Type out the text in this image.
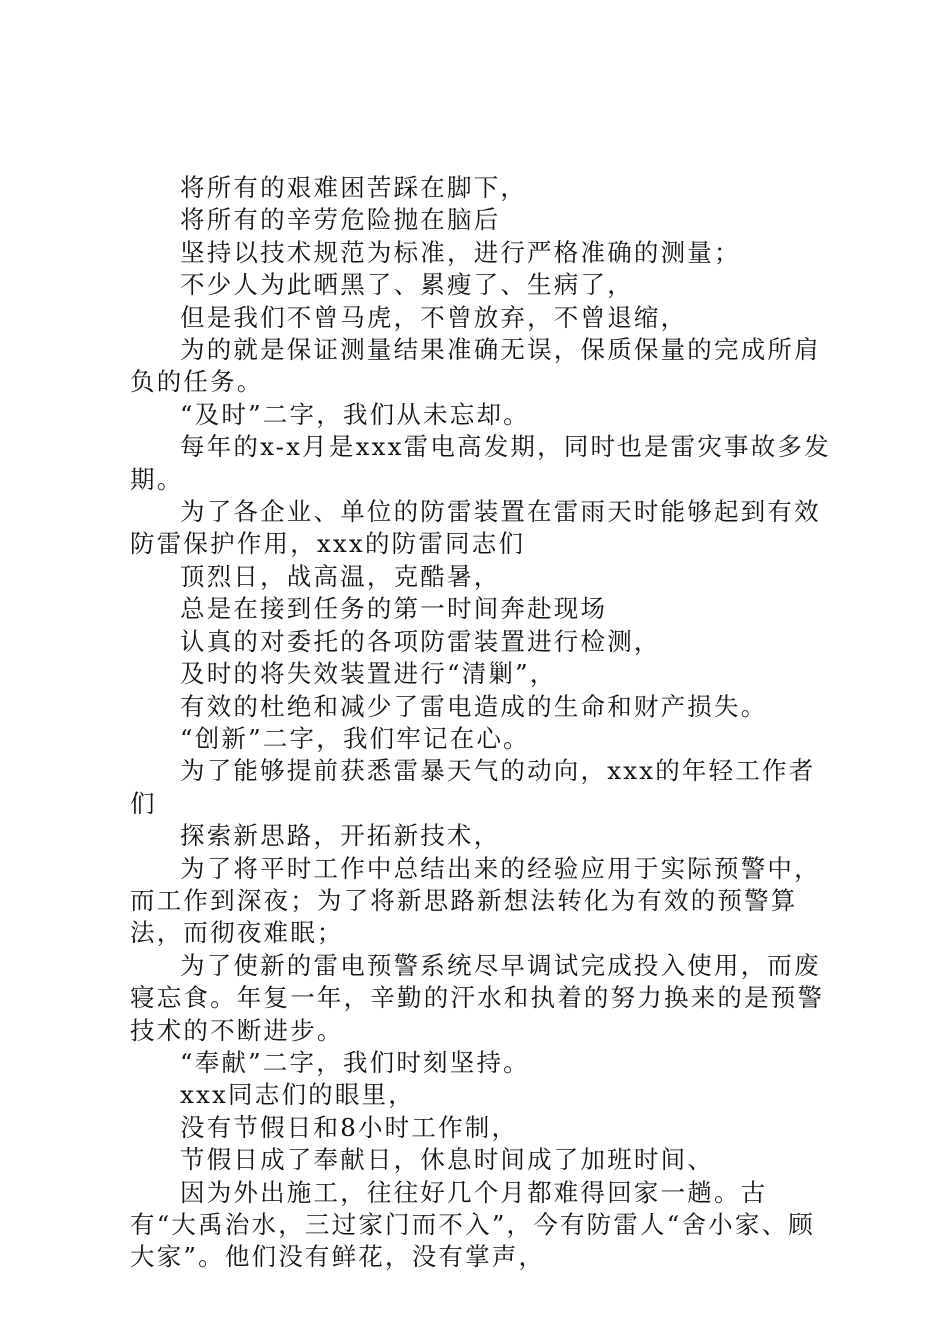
将所有的艰难困苦踩在脚下，

将所有的辛劳危险抛在脑后

坚持以技术规范为标准，进行严格准确的测量；

不少人为此晒黑了、累瘦了、生病了，

但是我们不曾马虎，不曾放弃，不曾退缩，

为的就是保证测量结果准确无误，保质保量的完成所肩负的任务。

“及时”二字，我们从未忘却。

每年的x-x月是xxx雷电高发期，同时也是雷灾事故多发期。

为了各企业、单位的防雷装置在雷雨天时能够起到有效防雷保护作用，xxx的防雷同志们

顶烈日，战高温，克酷暑，

总是在接到任务的第一时间奔赴现场

认真的对委托的各项防雷装置进行检测，

及时的将失效装置进行“清剿”，

有效的杜绝和减少了雷电造成的生命和财产损失。

“创新”二字，我们牢记在心。

为了能够提前获悉雷暴天气的动向，xxx的年轻工作者们

探索新思路，开拓新技术，

为了将平时工作中总结出来的经验应用于实际预警中，而工作到深夜；为了将新思路新想法转化为有效的预警算法，而彻夜难眠；

为了使新的雷电预警系统尽早调试完成投入使用，而废寝忘食。年复一年，辛勤的汗水和执着的努力换来的是预警技术的不断进步。

“奉献”二字，我们时刻坚持。

xxx同志们的眼里，

没有节假日和8小时工作制，

节假日成了奉献日，休息时间成了加班时间、

因为外出施工，往往好几个月都难得回家一趟。古有“大禹治水，三过家门而不入”，今有防雷人“舍小家、顾大家”。他们没有鲜花，没有掌声，
